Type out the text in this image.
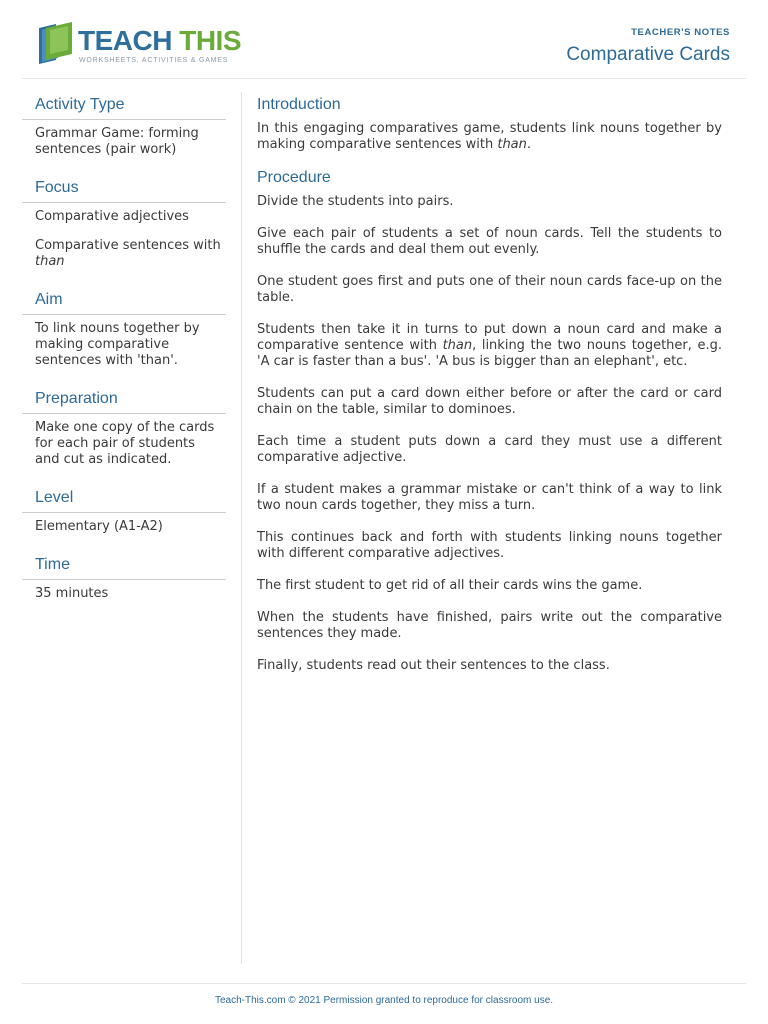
TEACH THIS
WORKSHEETS, ACTIVITIES & GAMES
TEACHER'S NOTES
Comparative Cards
Activity Type
Grammar Game: forming sentences (pair work)
Focus
Comparative adjectives
Comparative sentences with than
Aim
To link nouns together by making comparative sentences with 'than'.
Preparation
Make one copy of the cards for each pair of students and cut as indicated.
Level
Elementary (A1-A2)
Time
35 minutes
Introduction

In this engaging comparatives game, students link nouns together by making comparative sentences with than.

Procedure

Divide the students into pairs.

Give each pair of students a set of noun cards. Tell the students to shuffle the cards and deal them out evenly.

One student goes first and puts one of their noun cards face-up on the table.

Students then take it in turns to put down a noun card and make a comparative sentence with than, linking the two nouns together, e.g. 'A car is faster than a bus'. 'A bus is bigger than an elephant', etc.

Students can put a card down either before or after the card or card chain on the table, similar to dominoes.

Each time a student puts down a card they must use a different comparative adjective.

If a student makes a grammar mistake or can't think of a way to link two noun cards together, they miss a turn.

This continues back and forth with students linking nouns together with different comparative adjectives.

The first student to get rid of all their cards wins the game.

When the students have finished, pairs write out the comparative sentences they made.

Finally, students read out their sentences to the class.

Teach-This.com © 2021 Permission granted to reproduce for classroom use.
